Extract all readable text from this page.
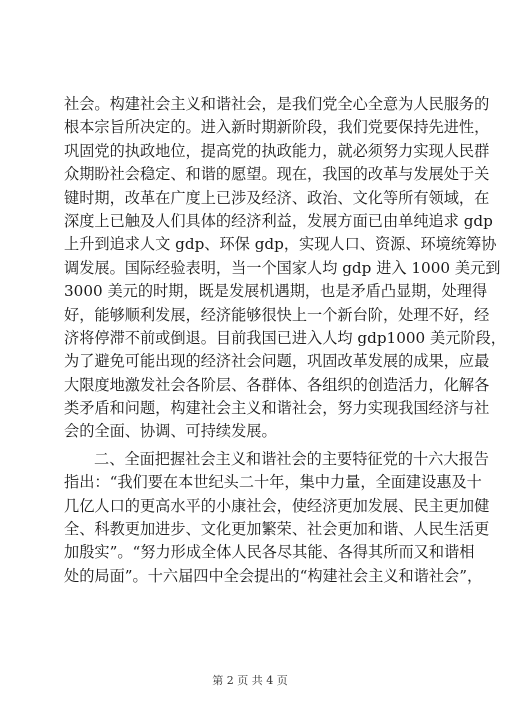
社会。构建社会主义和谐社会，是我们党全心全意为人民服务的
根本宗旨所决定的。进入新时期新阶段，我们党要保持先进性，
巩固党的执政地位，提高党的执政能力，就必须努力实现人民群
众期盼社会稳定、和谐的愿望。现在，我国的改革与发展处于关
键时期，改革在广度上已涉及经济、政治、文化等所有领域，在
深度上已触及人们具体的经济利益，发展方面已由单纯追求 gdp
上升到追求人文 gdp、环保 gdp，实现人口、资源、环境统筹协
调发展。国际经验表明，当一个国家人均 gdp 进入 1000 美元到
3000 美元的时期，既是发展机遇期，也是矛盾凸显期，处理得
好，能够顺利发展，经济能够很快上一个新台阶，处理不好，经
济将停滞不前或倒退。目前我国已进入人均 gdp1000 美元阶段，
为了避免可能出现的经济社会问题，巩固改革发展的成果，应最
大限度地激发社会各阶层、各群体、各组织的创造活力，化解各
类矛盾和问题，构建社会主义和谐社会，努力实现我国经济与社
会的全面、协调、可持续发展。
二、全面把握社会主义和谐社会的主要特征党的十六大报告
指出：“我们要在本世纪头二十年，集中力量，全面建设惠及十
几亿人口的更高水平的小康社会，使经济更加发展、民主更加健
全、科教更加进步、文化更加繁荣、社会更加和谐、人民生活更
加殷实”。“努力形成全体人民各尽其能、各得其所而又和谐相
处的局面”。十六届四中全会提出的“构建社会主义和谐社会”，
第 2 页 共 4 页
